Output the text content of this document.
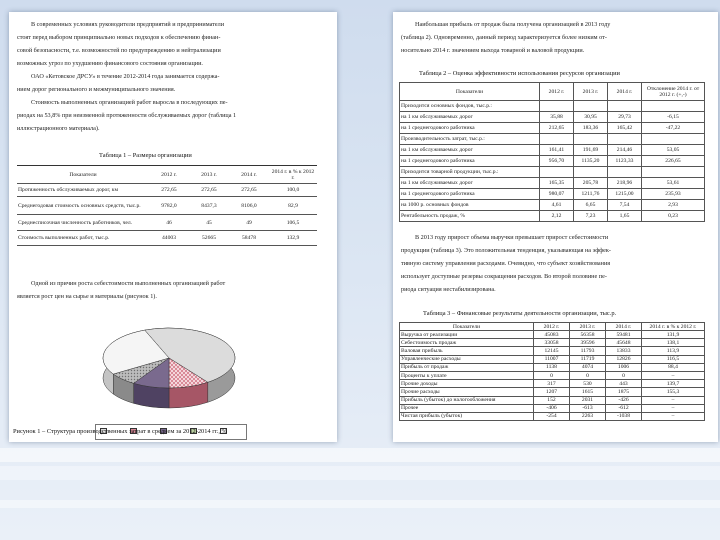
В современных условиях руководители предприятий и предприниматели
стоят перед выбором принципиально новых подходов к обеспечению финан-
совой безопасности, т.е. возможностей по предупреждению и нейтрализации
возможных угроз по ухудшению финансового состояния организации.
ОАО «Кетовское ДРСУ» в течение 2012-2014 года занимается содержа-
нием дорог регионального и межмуниципального значения.
Стоимость выполненных организацией работ выросла в последующих пе-
риодах на 53,8% при неизменной протяженности обслуживаемых дорог (таблица 1
иллюстрационного материала).
Таблица 1 – Размеры организации
Показатели	2012 г.	2013 г.	2014 г.	2014 г. в % к 2012 г.
Протяженность обслуживаемых дорог, км	272,65	272,65	272,65	100,0
Среднегодовая стоимость основных средств, тыс.р.	9782,0	8437,3	8106,0	82,9
Среднесписочная численность работников, чел.	46	45	49	106,5
Стоимость выполненных работ, тыс.р.	44003	52665	58478	132,9
Одной из причин роста себестоимости выполненных организацией работ
является рост цен на сырье и материалы (рисунок 1).
Рисунок 1 – Структура производственных затрат в среднем за 2012-2014 гг., %
Наибольшая прибыль от продаж была получена организацией в 2013 году
(таблица 2). Одновременно, данный период характеризуется более низким от-
носительно 2014 г. значением выхода товарной и валовой продукции.
Таблица 2 – Оценка эффективности использования ресурсов организации
Показатели	2012 г.	2013 г.	2014 г.	Отклонение 2014 г. от 2012 г. (+,-)
Приходится основных фондов, тыс.р.:				
на 1 км обслуживаемых дорог	35,88	30,95	29,73	-6,15
на 1 среднегодового работника	212,65	183,36	165,42	-47,22
Производительность затрат, тыс.р.:				
на 1 км обслуживаемых дорог	161,41	191,69	214,46	53,05
на 1 среднегодового работника	956,70	1135,20	1123,33	226,65
Приходится товарной продукции, тыс.р.:				
на 1 км обслуживаемых дорог	165,35	205,78	218,96	53,61
на 1 среднегодового работника	980,07	1211,76	1215,00	235,93
на 1000 р. основных фондов	4,61	6,65	7,54	2,93
Рентабельность продаж, %	2,12	7,23	1,65	0,23
В 2013 году прирост объема выручки превышает прирост себестоимости
продукции (таблица 3). Это положительная тенденция, указывающая на эффек-
тивную систему управления расходами. Очевидно, что субъект хозяйствования
использует доступные резервы сокращения расходов. Во второй половине пе-
риода ситуация нестабилизирована.
Таблица 3 – Финансовые результаты деятельности организации, тыс.р.
Показатели	2012 г.	2013 г.	2014 г.	2014 г. в % к 2012 г.
Выручка от реализации	45083	56358	59481	131,9
Себестоимость продаж	33058	39596	45648	138,1
Валовая прибыль	12145	11793	13833	113,9
Управленческие расходы	11007	11719	12826	116,5
Прибыль от продаж	1138	4074	1006	88,4
Проценты к уплате	0	0	0	–
Прочие доходы	317	530	443	139,7
Прочие расходы	1207	1615	1875	155,3
Прибыль (убыток) до налогообложения	152	2031	-426	–
Прочее	-406	-613	-612	–
Чистая прибыль (убыток)	-254	2263	-1038	–
